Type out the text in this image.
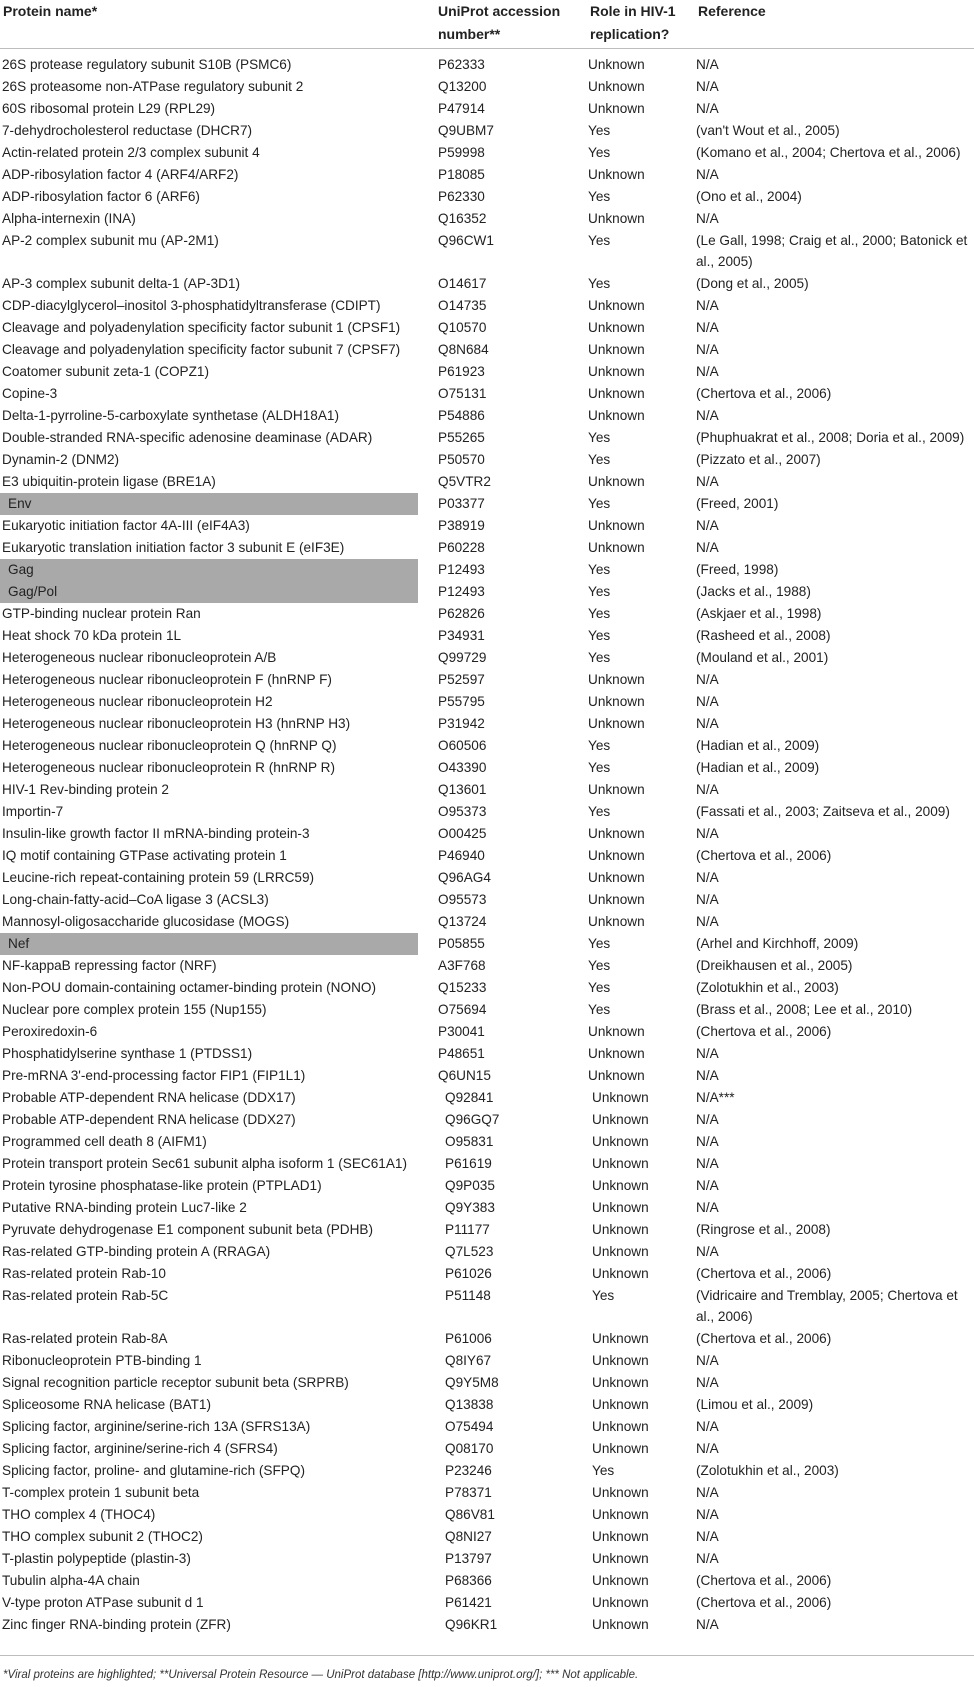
Protein name*	UniProt accession number**	Role in HIV-1 replication?	Reference
26S protease regulatory subunit S10B (PSMC6)	P62333	Unknown	N/A
26S proteasome non-ATPase regulatory subunit 2	Q13200	Unknown	N/A
60S ribosomal protein L29 (RPL29)	P47914	Unknown	N/A
7-dehydrocholesterol reductase (DHCR7)	Q9UBM7	Yes	(van't Wout et al., 2005)
Actin-related protein 2/3 complex subunit 4	P59998	Yes	(Komano et al., 2004; Chertova et al., 2006)
ADP-ribosylation factor 4 (ARF4/ARF2)	P18085	Unknown	N/A
ADP-ribosylation factor 6 (ARF6)	P62330	Yes	(Ono et al., 2004)
Alpha-internexin (INA)	Q16352	Unknown	N/A
AP-2 complex subunit mu (AP-2M1)	Q96CW1	Yes	(Le Gall, 1998; Craig et al., 2000; Batonick et al., 2005)
AP-3 complex subunit delta-1 (AP-3D1)	O14617	Yes	(Dong et al., 2005)
CDP-diacylglycerol–inositol 3-phosphatidyltransferase (CDIPT)	O14735	Unknown	N/A
Cleavage and polyadenylation specificity factor subunit 1 (CPSF1)	Q10570	Unknown	N/A
Cleavage and polyadenylation specificity factor subunit 7 (CPSF7)	Q8N684	Unknown	N/A
Coatomer subunit zeta-1 (COPZ1)	P61923	Unknown	N/A
Copine-3	O75131	Unknown	(Chertova et al., 2006)
Delta-1-pyrroline-5-carboxylate synthetase (ALDH18A1)	P54886	Unknown	N/A
Double-stranded RNA-specific adenosine deaminase (ADAR)	P55265	Yes	(Phuphuakrat et al., 2008; Doria et al., 2009)
Dynamin-2 (DNM2)	P50570	Yes	(Pizzato et al., 2007)
E3 ubiquitin-protein ligase (BRE1A)	Q5VTR2	Unknown	N/A

Env	P03377	Yes	(Freed, 2001)
Eukaryotic initiation factor 4A-III (eIF4A3)	P38919	Unknown	N/A
Eukaryotic translation initiation factor 3 subunit E (eIF3E)	P60228	Unknown	N/A

Gag	P12493	Yes	(Freed, 1998)

Gag/Pol	P12493	Yes	(Jacks et al., 1988)
GTP-binding nuclear protein Ran	P62826	Yes	(Askjaer et al., 1998)
Heat shock 70 kDa protein 1L	P34931	Yes	(Rasheed et al., 2008)
Heterogeneous nuclear ribonucleoprotein A/B	Q99729	Yes	(Mouland et al., 2001)
Heterogeneous nuclear ribonucleoprotein F (hnRNP F)	P52597	Unknown	N/A
Heterogeneous nuclear ribonucleoprotein H2	P55795	Unknown	N/A
Heterogeneous nuclear ribonucleoprotein H3 (hnRNP H3)	P31942	Unknown	N/A
Heterogeneous nuclear ribonucleoprotein Q (hnRNP Q)	O60506	Yes	(Hadian et al., 2009)
Heterogeneous nuclear ribonucleoprotein R (hnRNP R)	O43390	Yes	(Hadian et al., 2009)
HIV-1 Rev-binding protein 2	Q13601	Unknown	N/A
Importin-7	O95373	Yes	(Fassati et al., 2003; Zaitseva et al., 2009)
Insulin-like growth factor II mRNA-binding protein-3	O00425	Unknown	N/A
IQ motif containing GTPase activating protein 1	P46940	Unknown	(Chertova et al., 2006)
Leucine-rich repeat-containing protein 59 (LRRC59)	Q96AG4	Unknown	N/A
Long-chain-fatty-acid–CoA ligase 3 (ACSL3)	O95573	Unknown	N/A
Mannosyl-oligosaccharide glucosidase (MOGS)	Q13724	Unknown	N/A

Nef	P05855	Yes	(Arhel and Kirchhoff, 2009)
NF-kappaB repressing factor (NRF)	A3F768	Yes	(Dreikhausen et al., 2005)
Non-POU domain-containing octamer-binding protein (NONO)	Q15233	Yes	(Zolotukhin et al., 2003)
Nuclear pore complex protein 155 (Nup155)	O75694	Yes	(Brass et al., 2008; Lee et al., 2010)
Peroxiredoxin-6	P30041	Unknown	(Chertova et al., 2006)
Phosphatidylserine synthase 1 (PTDSS1)	P48651	Unknown	N/A
Pre-mRNA 3'-end-processing factor FIP1 (FIP1L1)	Q6UN15	Unknown	N/A
Probable ATP-dependent RNA helicase (DDX17)	Q92841	Unknown	N/A***
Probable ATP-dependent RNA helicase (DDX27)	Q96GQ7	Unknown	N/A
Programmed cell death 8 (AIFM1)	O95831	Unknown	N/A
Protein transport protein Sec61 subunit alpha isoform 1 (SEC61A1)	P61619	Unknown	N/A
Protein tyrosine phosphatase-like protein (PTPLAD1)	Q9P035	Unknown	N/A
Putative RNA-binding protein Luc7-like 2	Q9Y383	Unknown	N/A
Pyruvate dehydrogenase E1 component subunit beta (PDHB)	P11177	Unknown	(Ringrose et al., 2008)
Ras-related GTP-binding protein A (RRAGA)	Q7L523	Unknown	N/A
Ras-related protein Rab-10	P61026	Unknown	(Chertova et al., 2006)
Ras-related protein Rab-5C	P51148	Yes	(Vidricaire and Tremblay, 2005; Chertova et al., 2006)
Ras-related protein Rab-8A	P61006	Unknown	(Chertova et al., 2006)
Ribonucleoprotein PTB-binding 1	Q8IY67	Unknown	N/A
Signal recognition particle receptor subunit beta (SRPRB)	Q9Y5M8	Unknown	N/A
Spliceosome RNA helicase (BAT1)	Q13838	Unknown	(Limou et al., 2009)
Splicing factor, arginine/serine-rich 13A (SFRS13A)	O75494	Unknown	N/A
Splicing factor, arginine/serine-rich 4 (SFRS4)	Q08170	Unknown	N/A
Splicing factor, proline- and glutamine-rich (SFPQ)	P23246	Yes	(Zolotukhin et al., 2003)
T-complex protein 1 subunit beta	P78371	Unknown	N/A
THO complex 4 (THOC4)	Q86V81	Unknown	N/A
THO complex subunit 2 (THOC2)	Q8NI27	Unknown	N/A
T-plastin polypeptide (plastin-3)	P13797	Unknown	N/A
Tubulin alpha-4A chain	P68366	Unknown	(Chertova et al., 2006)
V-type proton ATPase subunit d 1	P61421	Unknown	(Chertova et al., 2006)
Zinc finger RNA-binding protein (ZFR)	Q96KR1	Unknown	N/A
*Viral proteins are highlighted; **Universal Protein Resource — UniProt database [http://www.uniprot.org/]; *** Not applicable.
